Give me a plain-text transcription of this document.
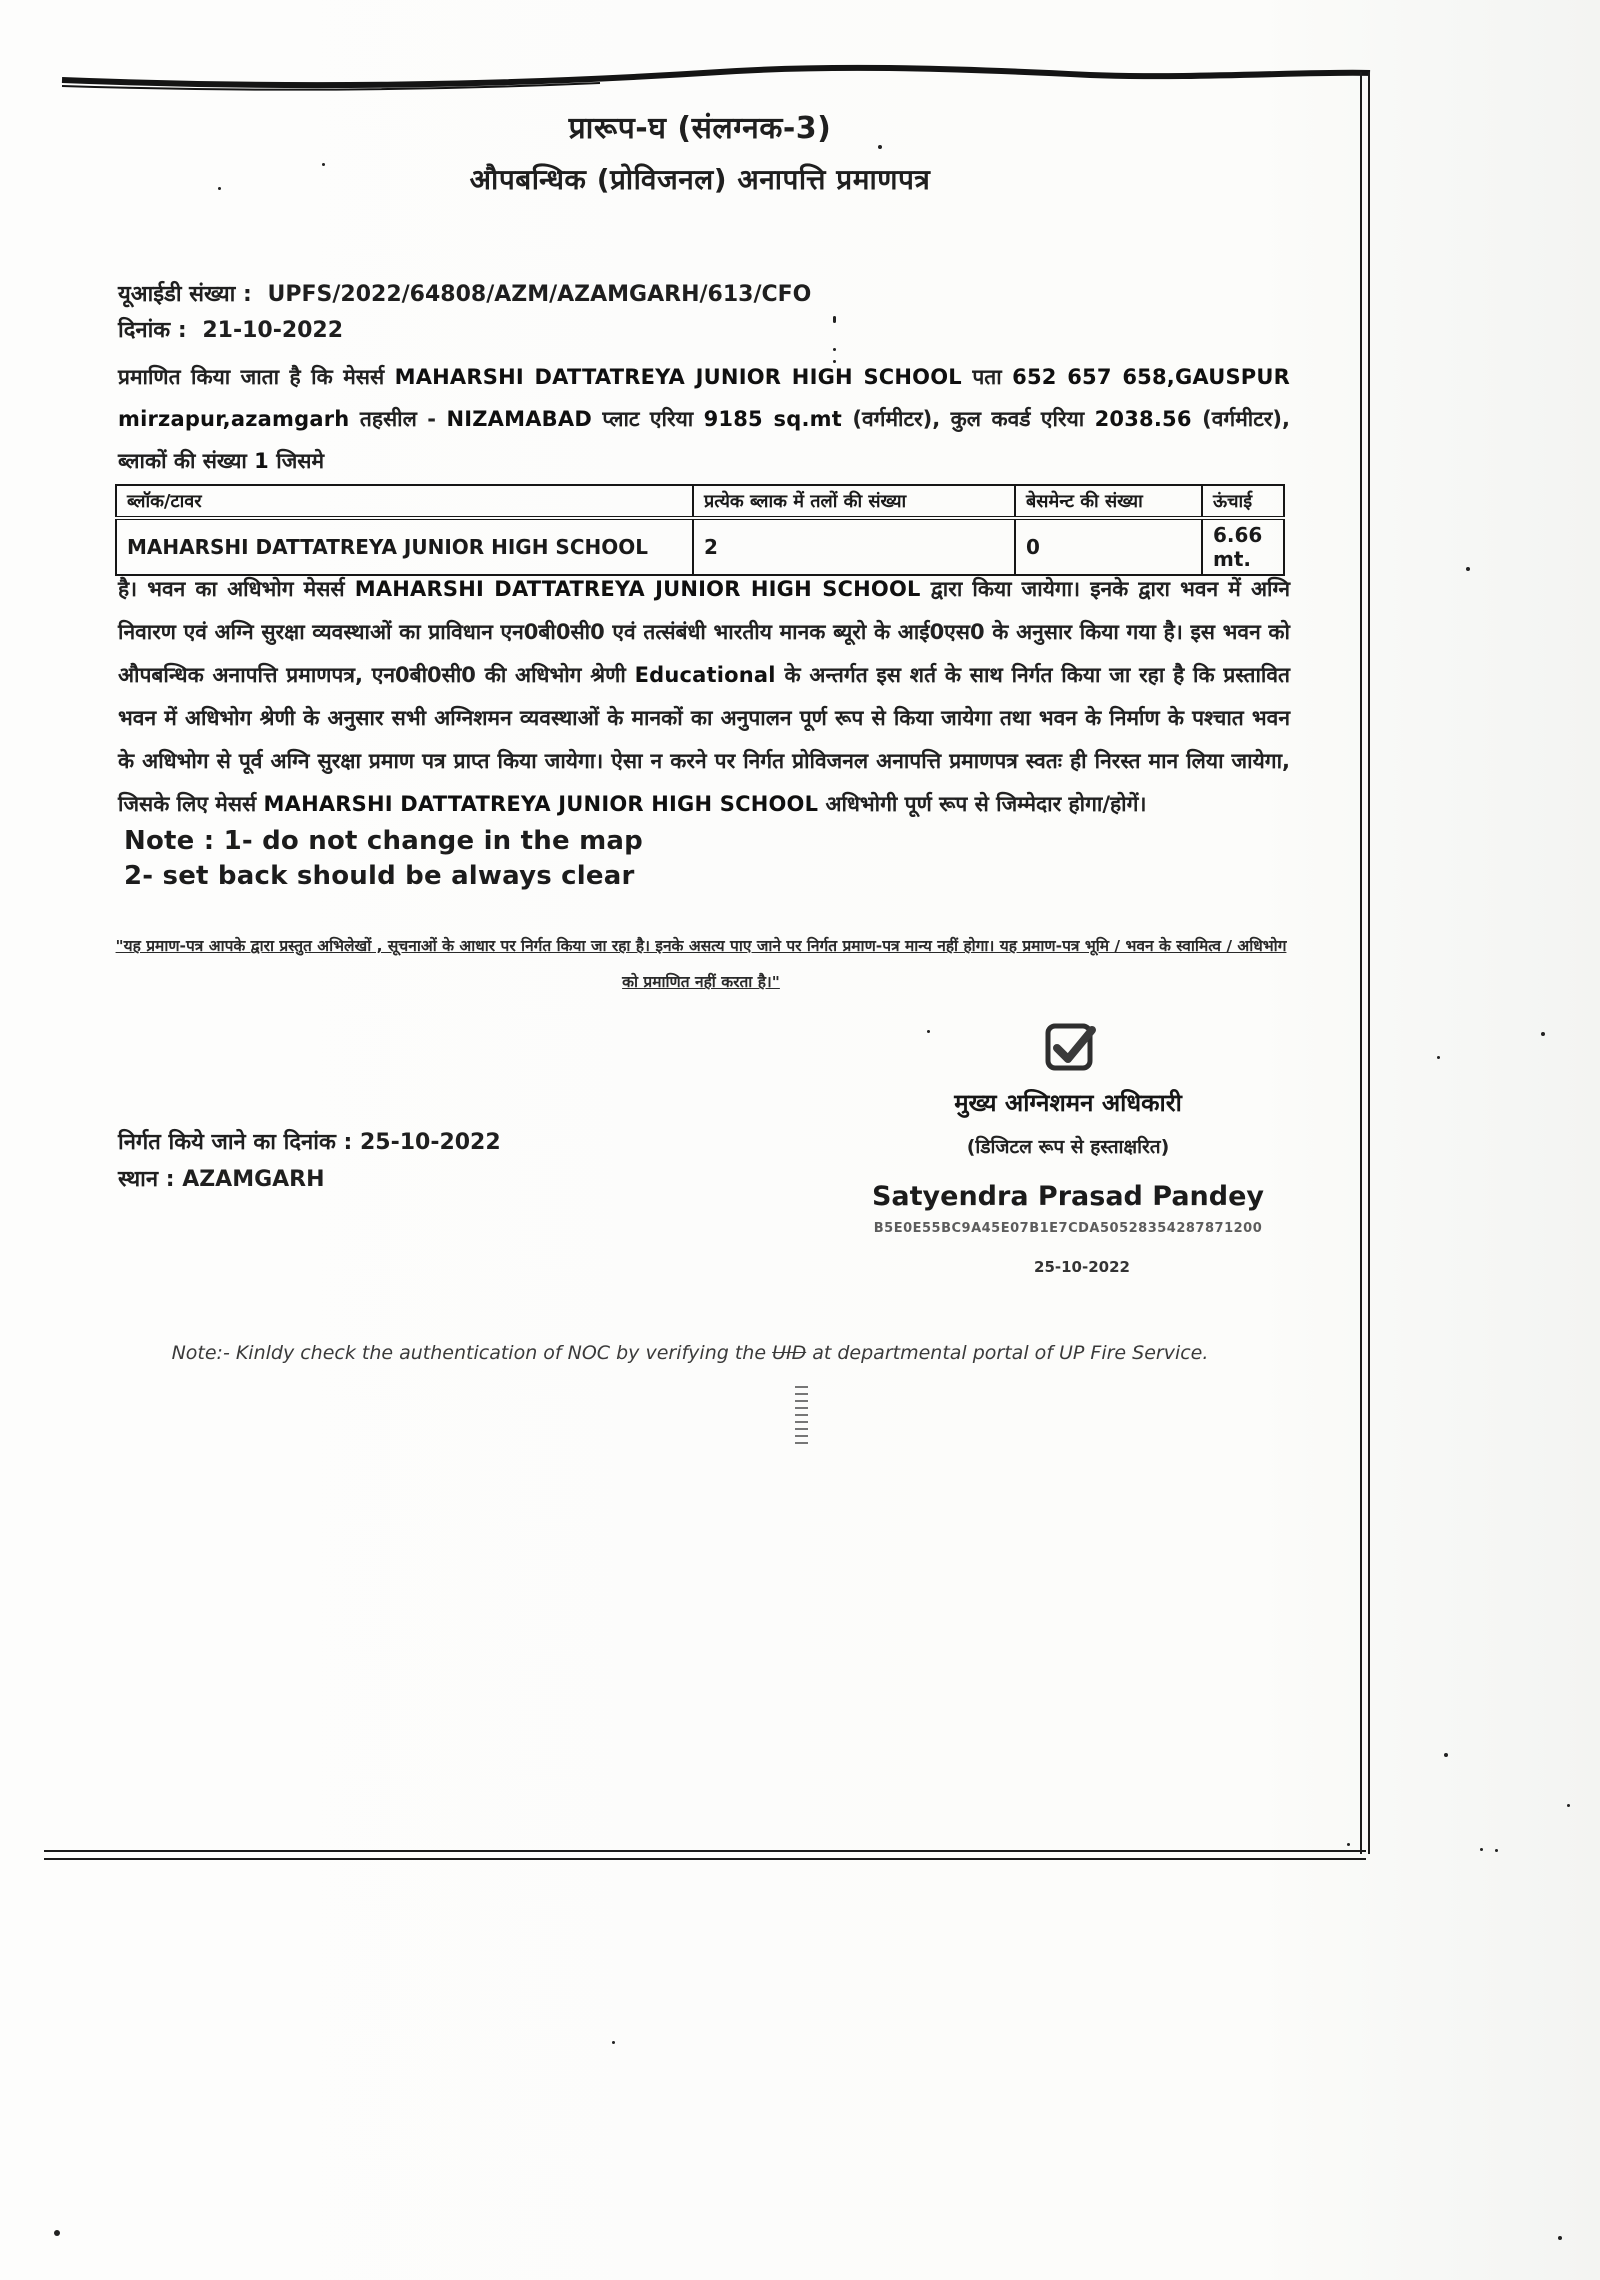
प्रारूप-घ (संलग्नक-3)
औपबन्धिक (प्रोविजनल) अनापत्ति प्रमाणपत्र
यूआईडी संख्या : UPFS/2022/64808/AZM/AZAMGARH/613/CFO
दिनांक : 21-10-2022
प्रमाणित किया जाता है कि मेसर्स MAHARSHI DATTATREYA JUNIOR HIGH SCHOOL पता 652 657 658,GAUSPUR mirzapur,azamgarh तहसील - NIZAMABAD प्लाट एरिया 9185 sq.mt (वर्गमीटर), कुल कवर्ड एरिया 2038.56 (वर्गमीटर), ब्लाकों की संख्या 1 जिसमे
ब्लॉक/टावर	प्रत्येक ब्लाक में तलों की संख्या	बेसमेन्ट की संख्या	ऊंचाई
MAHARSHI DATTATREYA JUNIOR HIGH SCHOOL	2	0	6.66 mt.
है। भवन का अधिभोग मेसर्स MAHARSHI DATTATREYA JUNIOR HIGH SCHOOL द्वारा किया जायेगा। इनके द्वारा भवन में अग्नि निवारण एवं अग्नि सुरक्षा व्यवस्थाओं का प्राविधान एन0बी0सी0 एवं तत्संबंधी भारतीय मानक ब्यूरो के आई0एस0 के अनुसार किया गया है। इस भवन को औपबन्धिक अनापत्ति प्रमाणपत्र, एन0बी0सी0 की अधिभोग श्रेणी Educational के अन्तर्गत इस शर्त के साथ निर्गत किया जा रहा है कि प्रस्तावित भवन में अधिभोग श्रेणी के अनुसार सभी अग्निशमन व्यवस्थाओं के मानकों का अनुपालन पूर्ण रूप से किया जायेगा तथा भवन के निर्माण के पश्चात भवन के अधिभोग से पूर्व अग्नि सुरक्षा प्रमाण पत्र प्राप्त किया जायेगा। ऐसा न करने पर निर्गत प्रोविजनल अनापत्ति प्रमाणपत्र स्वतः ही निरस्त मान लिया जायेगा, जिसके लिए मेसर्स MAHARSHI DATTATREYA JUNIOR HIGH SCHOOL अधिभोगी पूर्ण रूप से जिम्मेदार होगा/होगें।
Note : 1- do not change in the map
2- set back should be always clear
"यह प्रमाण-पत्र आपके द्वारा प्रस्तुत अभिलेखों , सूचनाओं के आधार पर निर्गत किया जा रहा है। इनके असत्य पाए जाने पर निर्गत प्रमाण-पत्र मान्य नहीं होगा। यह प्रमाण-पत्र भूमि / भवन के स्वामित्व / अधिभोग को प्रमाणित नहीं करता है।"
मुख्य अग्निशमन अधिकारी
(डिजिटल रूप से हस्ताक्षरित)
Satyendra Prasad Pandey
B5E0E55BC9A45E07B1E7CDA50528354287871200
25-10-2022
निर्गत किये जाने का दिनांक : 25-10-2022
स्थान : AZAMGARH
Note:- Kinldy check the authentication of NOC by verifying the UID at departmental portal of UP Fire Service.
